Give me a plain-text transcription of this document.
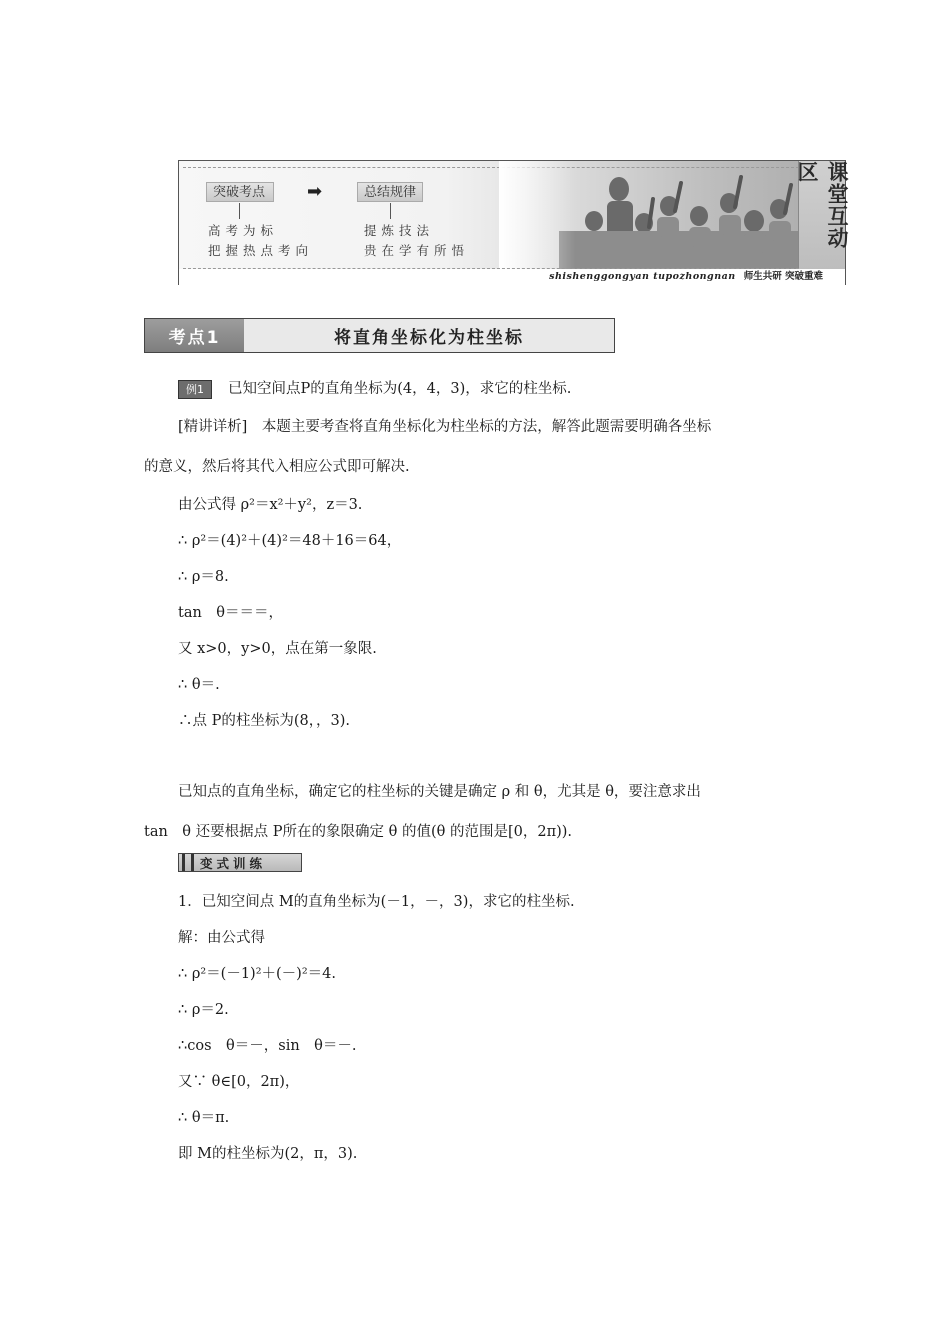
突破考点	➡	总结规律
高考为标
把握热点考向
提炼技法
贵在学有所悟
课堂互动区
shishenggongyan tupozhongnan 师生共研 突破重难
考点1	将直角坐标化为柱坐标
例1 已知空间点P的直角坐标为(4，4，3)，求它的柱坐标.
[精讲详析]　本题主要考查将直角坐标化为柱坐标的方法，解答此题需要明确各坐标
的意义，然后将其代入相应公式即可解决.
由公式得 ρ²＝x²＋y²，z＝3.
∴ ρ²＝(4)²＋(4)²＝48＋16＝64，
∴ ρ＝8.
tan　θ＝＝＝，
又 x>0，y>0，点在第一象限.
∴ θ＝.
∴点 P的柱坐标为(8，，3).
已知点的直角坐标，确定它的柱坐标的关键是确定 ρ 和 θ，尤其是 θ，要注意求出
tan　θ 还要根据点 P所在的象限确定 θ 的值(θ 的范围是[0，2π)).
变式训练
1．已知空间点 M的直角坐标为(－1，－，3)，求它的柱坐标.
解：由公式得
∴ ρ²＝(－1)²＋(－)²＝4.
∴ ρ＝2.
∴cos　θ＝－，sin　θ＝－.
又∵ θ∈[0，2π)，
∴ θ＝π.
即 M的柱坐标为(2，π，3).
